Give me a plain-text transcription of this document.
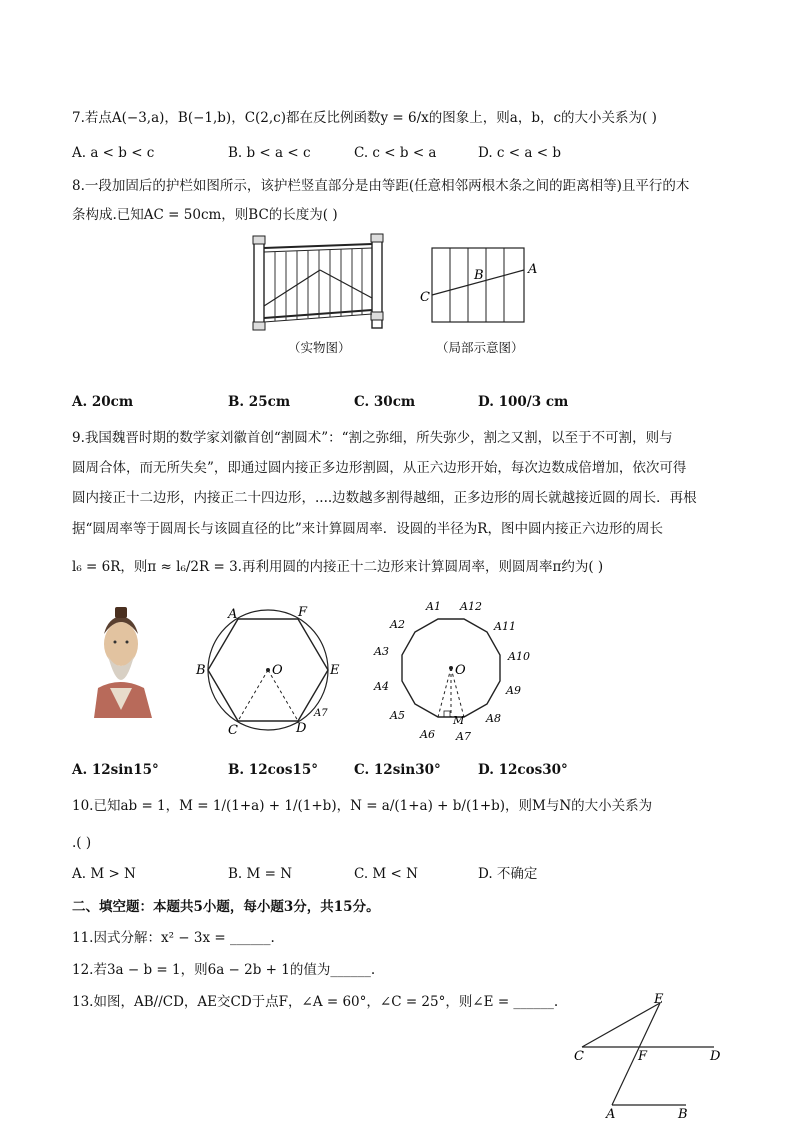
7.若点A(−3,a)，B(−1,b)，C(2,c)都在反比例函数y = 6/x的图象上，则a，b，c的大小关系为( )
A. a < b < c	B. b < a < c	C. c < b < a	D. c < a < b
8.一段加固后的护栏如图所示，该护栏竖直部分是由等距(任意相邻两根木条之间的距离相等)且平行的木
条构成.已知AC = 50cm，则BC的长度为( )
（实物图）
C
B	A
（局部示意图）
A. 20cm	B. 25cm	C. 30cm	D. 100/3 cm
9.我国魏晋时期的数学家刘徽首创“割圆术”：“割之弥细，所失弥少，割之又割，以至于不可割，则与
圆周合体，而无所失矣”，即通过圆内接正多边形割圆，从正六边形开始，每次边数成倍增加，依次可得
圆内接正十二边形，内接正二十四边形，....边数越多割得越细，正多边形的周长就越接近圆的周长．再根
据“圆周率等于圆周长与该圆直径的比”来计算圆周率．设圆的半径为R，图中圆内接正六边形的周长
l₆ = 6R，则π ≈ l₆/2R = 3.再利用圆的内接正十二边形来计算圆周率，则圆周率π约为( )
A	F
B	E
O
C	D
A7
O
M
A1 A12
A2	A11
A3	A10
A4	A9
A5	A8
A6 A7
A. 12sin15°	B. 12cos15°	C. 12sin30°	D. 12cos30°
10.已知ab = 1，M = 1/(1+a) + 1/(1+b)，N = a/(1+a) + b/(1+b)，则M与N的大小关系为
.( )
A. M > N	B. M = N	C. M < N	D. 不确定
二、填空题：本题共5小题，每小题3分，共15分。
11.因式分解：x² − 3x = ______.
12.若3a − b = 1，则6a − 2b + 1的值为______.
13.如图，AB//CD，AE交CD于点F，∠A = 60°，∠C = 25°，则∠E = ______.	E
C	F	D
A	B
